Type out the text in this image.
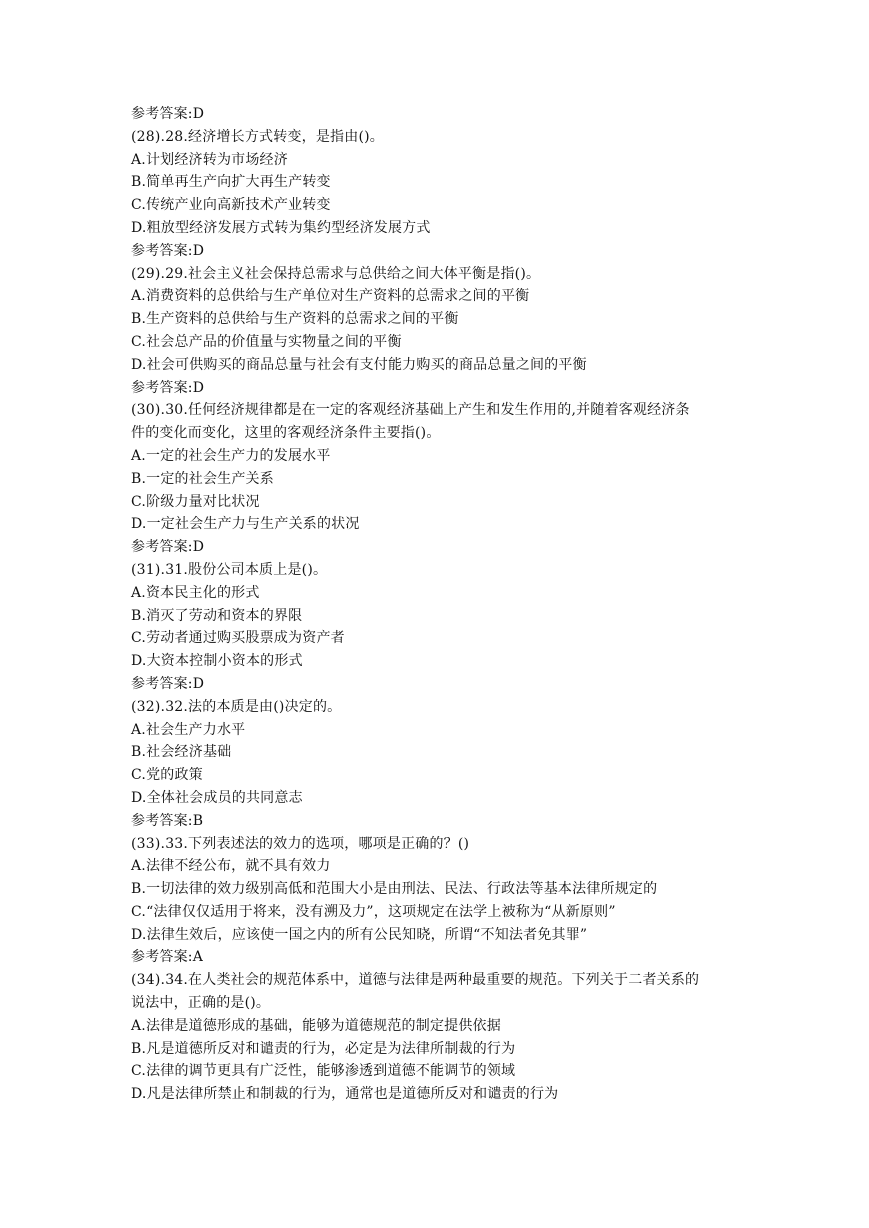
参考答案:D
(28).28.经济增长方式转变，是指由()。
A.计划经济转为市场经济
B.简单再生产向扩大再生产转变
C.传统产业向高新技术产业转变
D.粗放型经济发展方式转为集约型经济发展方式
参考答案:D
(29).29.社会主义社会保持总需求与总供给之间大体平衡是指()。
A.消费资料的总供给与生产单位对生产资料的总需求之间的平衡
B.生产资料的总供给与生产资料的总需求之间的平衡
C.社会总产品的价值量与实物量之间的平衡
D.社会可供购买的商品总量与社会有支付能力购买的商品总量之间的平衡
参考答案:D
(30).30.任何经济规律都是在一定的客观经济基础上产生和发生作用的,并随着客观经济条
件的变化而变化，这里的客观经济条件主要指()。
A.一定的社会生产力的发展水平
B.一定的社会生产关系
C.阶级力量对比状况
D.一定社会生产力与生产关系的状况
参考答案:D
(31).31.股份公司本质上是()。
A.资本民主化的形式
B.消灭了劳动和资本的界限
C.劳动者通过购买股票成为资产者
D.大资本控制小资本的形式
参考答案:D
(32).32.法的本质是由()决定的。
A.社会生产力水平
B.社会经济基础
C.党的政策
D.全体社会成员的共同意志
参考答案:B
(33).33.下列表述法的效力的选项，哪项是正确的？()
A.法律不经公布，就不具有效力
B.一切法律的效力级别高低和范围大小是由刑法、民法、行政法等基本法律所规定的
C.“法律仅仅适用于将来，没有溯及力”，这项规定在法学上被称为“从新原则”
D.法律生效后，应该使一国之内的所有公民知晓，所谓“不知法者免其罪”
参考答案:A
(34).34.在人类社会的规范体系中，道德与法律是两种最重要的规范。下列关于二者关系的
说法中，正确的是()。
A.法律是道德形成的基础，能够为道德规范的制定提供依据
B.凡是道德所反对和谴责的行为，必定是为法律所制裁的行为
C.法律的调节更具有广泛性，能够渗透到道德不能调节的领域
D.凡是法律所禁止和制裁的行为，通常也是道德所反对和谴责的行为
